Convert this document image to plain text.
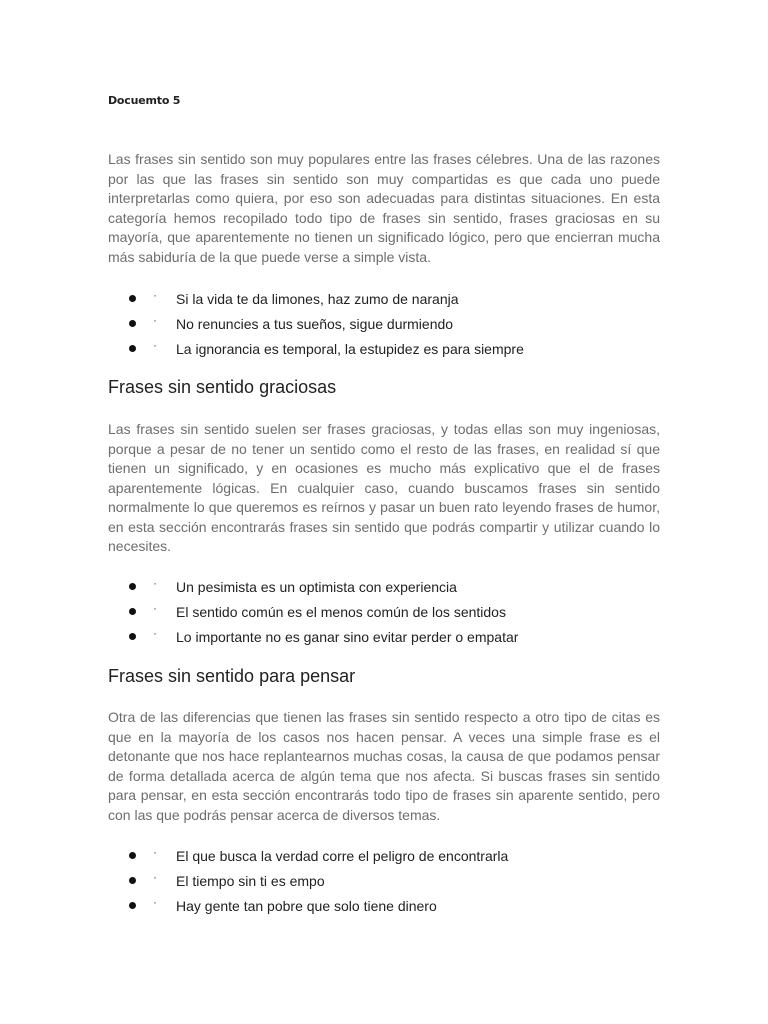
Docuemto 5

Las frases sin sentido son muy populares entre las frases célebres. Una de las razones por las que las frases sin sentido son muy compartidas es que cada uno puede interpretarlas como quiera, por eso son adecuadas para distintas situaciones. En esta categoría hemos recopilado todo tipo de frases sin sentido, frases graciosas en su mayoría, que aparentemente no tienen un significado lógico, pero que encierran mucha más sabiduría de la que puede verse a simple vista.

· Si la vida te da limones, haz zumo de naranja
· No renuncies a tus sueños, sigue durmiendo
· La ignorancia es temporal, la estupidez es para siempre
Frases sin sentido graciosas

Las frases sin sentido suelen ser frases graciosas, y todas ellas son muy ingeniosas, porque a pesar de no tener un sentido como el resto de las frases, en realidad sí que tienen un significado, y en ocasiones es mucho más explicativo que el de frases aparentemente lógicas. En cualquier caso, cuando buscamos frases sin sentido normalmente lo que queremos es reírnos y pasar un buen rato leyendo frases de humor, en esta sección encontrarás frases sin sentido que podrás compartir y utilizar cuando lo necesites.

· Un pesimista es un optimista con experiencia
· El sentido común es el menos común de los sentidos
· Lo importante no es ganar sino evitar perder o empatar
Frases sin sentido para pensar

Otra de las diferencias que tienen las frases sin sentido respecto a otro tipo de citas es que en la mayoría de los casos nos hacen pensar. A veces una simple frase es el detonante que nos hace replantearnos muchas cosas, la causa de que podamos pensar de forma detallada acerca de algún tema que nos afecta. Si buscas frases sin sentido para pensar, en esta sección encontrarás todo tipo de frases sin aparente sentido, pero con las que podrás pensar acerca de diversos temas.

· El que busca la verdad corre el peligro de encontrarla
· El tiempo sin ti es empo
· Hay gente tan pobre que solo tiene dinero
